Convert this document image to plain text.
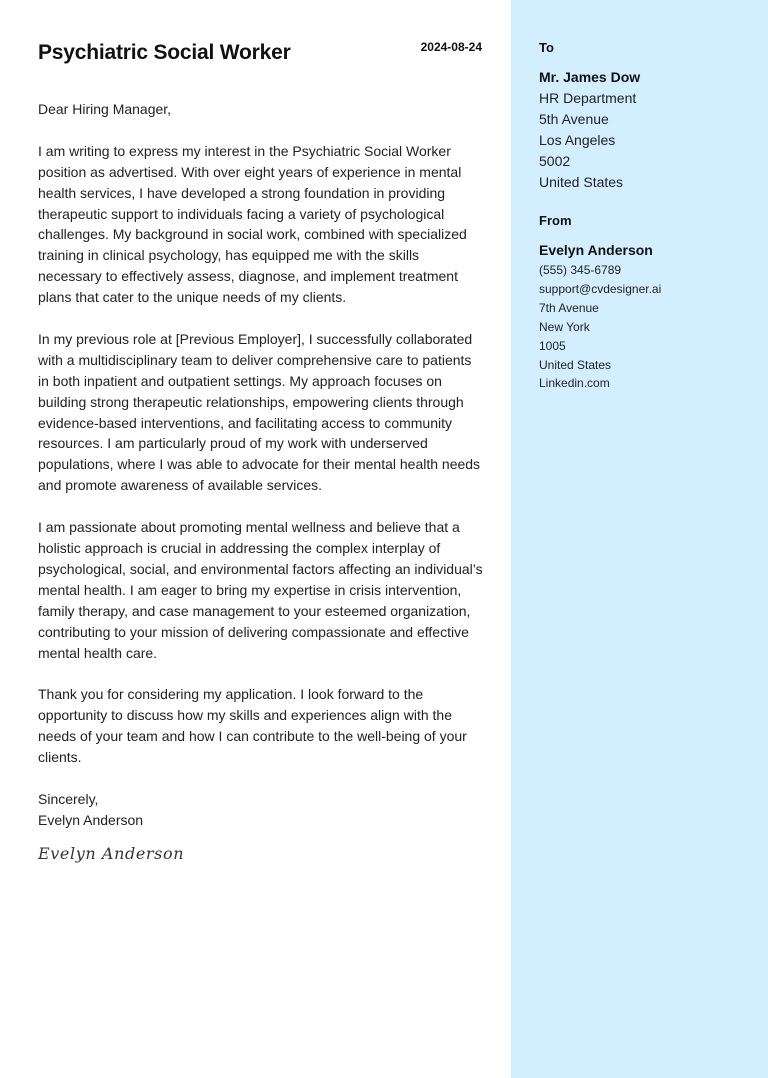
Psychiatric Social Worker	2024-08-24

Dear Hiring Manager,

I am writing to express my interest in the Psychiatric Social Worker position as advertised. With over eight years of experience in mental health services, I have developed a strong foundation in providing therapeutic support to individuals facing a variety of psychological challenges. My background in social work, combined with specialized training in clinical psychology, has equipped me with the skills necessary to effectively assess, diagnose, and implement treatment plans that cater to the unique needs of my clients.

In my previous role at [Previous Employer], I successfully collaborated with a multidisciplinary team to deliver comprehensive care to patients in both inpatient and outpatient settings. My approach focuses on building strong therapeutic relationships, empowering clients through evidence-based interventions, and facilitating access to community resources. I am particularly proud of my work with underserved populations, where I was able to advocate for their mental health needs and promote awareness of available services.

I am passionate about promoting mental wellness and believe that a holistic approach is crucial in addressing the complex interplay of psychological, social, and environmental factors affecting an individual’s mental health. I am eager to bring my expertise in crisis intervention, family therapy, and case management to your esteemed organization, contributing to your mission of delivering compassionate and effective mental health care.

Thank you for considering my application. I look forward to the opportunity to discuss how my skills and experiences align with the needs of your team and how I can contribute to the well-being of your clients.

Sincerely,

Evelyn Anderson

Evelyn Anderson
To
Mr. James Dow
HR Department
5th Avenue
Los Angeles
5002
United States
From
Evelyn Anderson
(555) 345-6789
support@cvdesigner.ai
7th Avenue
New York
1005
United States
Linkedin.com
